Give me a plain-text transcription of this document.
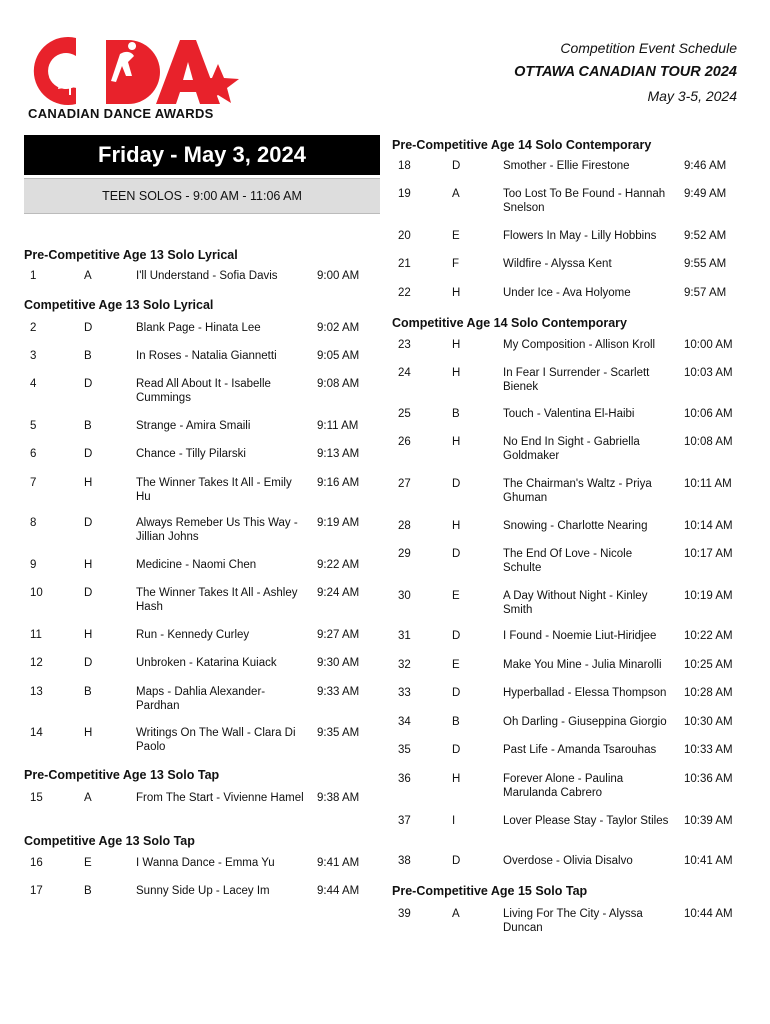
CANADIAN DANCE AWARDS
Competition Event Schedule
OTTAWA CANADIAN TOUR 2024
May 3-5, 2024
Friday - May 3, 2024
TEEN SOLOS - 9:00 AM - 11:06 AM
Pre-Competitive Age 13 Solo Lyrical
1	A	I'll Understand - Sofia Davis	9:00 AM
Competitive Age 13 Solo Lyrical
2	D	Blank Page - Hinata Lee	9:02 AM
3	B	In Roses - Natalia Giannetti	9:05 AM
4	D	Read All About It - Isabelle Cummings
9:08 AM
5	B	Strange - Amira Smaili	9:11 AM
6	D	Chance - Tilly Pilarski	9:13 AM
7	H	The Winner Takes It All - Emily Hu
9:16 AM
8	D	Always Remeber Us This Way - Jillian Johns
9:19 AM
9	H	Medicine - Naomi Chen	9:22 AM
10	D	The Winner Takes It All - Ashley Hash
9:24 AM
11	H	Run - Kennedy Curley	9:27 AM
12	D	Unbroken - Katarina Kuiack	9:30 AM
13	B	Maps - Dahlia Alexander-Pardhan
9:33 AM
14	H	Writings On The Wall - Clara Di Paolo
9:35 AM
Pre-Competitive Age 13 Solo Tap
15	A	From The Start - Vivienne Hamel 9:38 AM
Competitive Age 13 Solo Tap
16	E	I Wanna Dance - Emma Yu	9:41 AM
17	B	Sunny Side Up - Lacey Im	9:44 AM
Pre-Competitive Age 14 Solo Contemporary
18	D	Smother - Ellie Firestone	9:46 AM
19	A	Too Lost To Be Found - Hannah Snelson
9:49 AM
20	E	Flowers In May - Lilly Hobbins	9:52 AM
21	F	Wildfire - Alyssa Kent	9:55 AM
22	H	Under Ice - Ava Holyome	9:57 AM
Competitive Age 14 Solo Contemporary
23	H	My Composition - Allison Kroll	10:00 AM
24	H	In Fear I Surrender - Scarlett Bienek
10:03 AM
25	B	Touch - Valentina El-Haibi	10:06 AM
26	H	No End In Sight - Gabriella Goldmaker
10:08 AM
27	D	The Chairman's Waltz - Priya Ghuman
10:11 AM
28	H	Snowing - Charlotte Nearing	10:14 AM
29	D	The End Of Love - Nicole Schulte
10:17 AM
30	E	A Day Without Night - Kinley Smith
10:19 AM
31	D	I Found - Noemie Liut-Hiridjee	10:22 AM
32	E	Make You Mine - Julia Minarolli	10:25 AM
33	D	Hyperballad - Elessa Thompson	10:28 AM
34	B	Oh Darling - Giuseppina Giorgio	10:30 AM
35	D	Past Life - Amanda Tsarouhas	10:33 AM
36	H	Forever Alone - Paulina Marulanda Cabrero
10:36 AM
37	I	Lover Please Stay - Taylor Stiles	10:39 AM
38	D	Overdose - Olivia Disalvo	10:41 AM
Pre-Competitive Age 15 Solo Tap
39	A	Living For The City - Alyssa Duncan
10:44 AM
